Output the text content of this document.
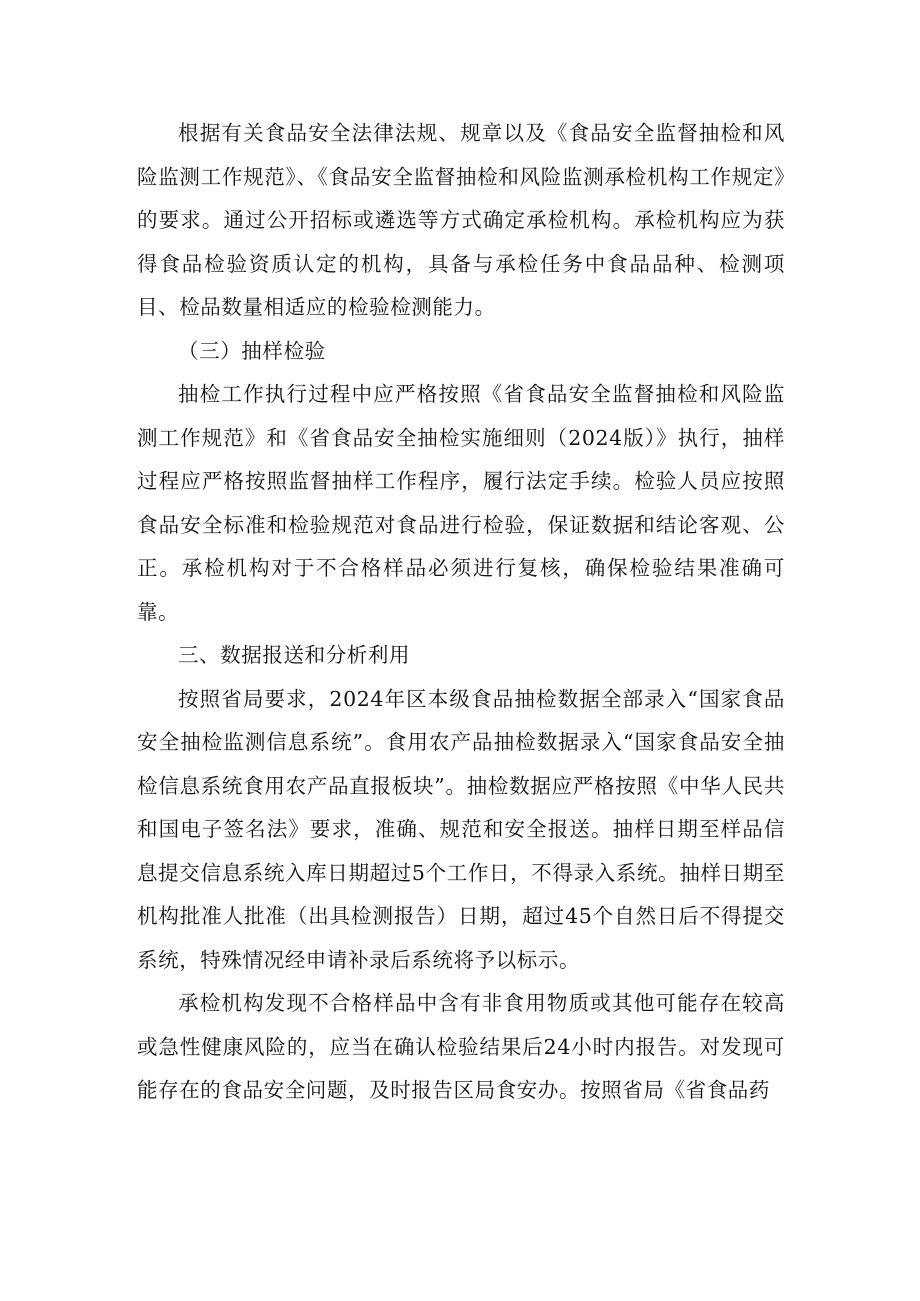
根据有关食品安全法律法规、规章以及《食品安全监督抽检和风险监测工作规范》、《食品安全监督抽检和风险监测承检机构工作规定》的要求。通过公开招标或遴选等方式确定承检机构。承检机构应为获得食品检验资质认定的机构，具备与承检任务中食品品种、检测项目、检品数量相适应的检验检测能力。

（三）抽样检验

抽检工作执行过程中应严格按照《省食品安全监督抽检和风险监测工作规范》和《省食品安全抽检实施细则（2024版）》执行，抽样过程应严格按照监督抽样工作程序，履行法定手续。检验人员应按照食品安全标准和检验规范对食品进行检验，保证数据和结论客观、公正。承检机构对于不合格样品必须进行复核，确保检验结果准确可靠。

三、数据报送和分析利用

按照省局要求，2024年区本级食品抽检数据全部录入“国家食品安全抽检监测信息系统”。食用农产品抽检数据录入“国家食品安全抽检信息系统食用农产品直报板块”。抽检数据应严格按照《中华人民共和国电子签名法》要求，准确、规范和安全报送。抽样日期至样品信息提交信息系统入库日期超过5个工作日，不得录入系统。抽样日期至机构批准人批准（出具检测报告）日期，超过45个自然日后不得提交系统，特殊情况经申请补录后系统将予以标示。

承检机构发现不合格样品中含有非食用物质或其他可能存在较高或急性健康风险的，应当在确认检验结果后24小时内报告。对发现可能存在的食品安全问题，及时报告区局食安办。按照省局《省食品药
